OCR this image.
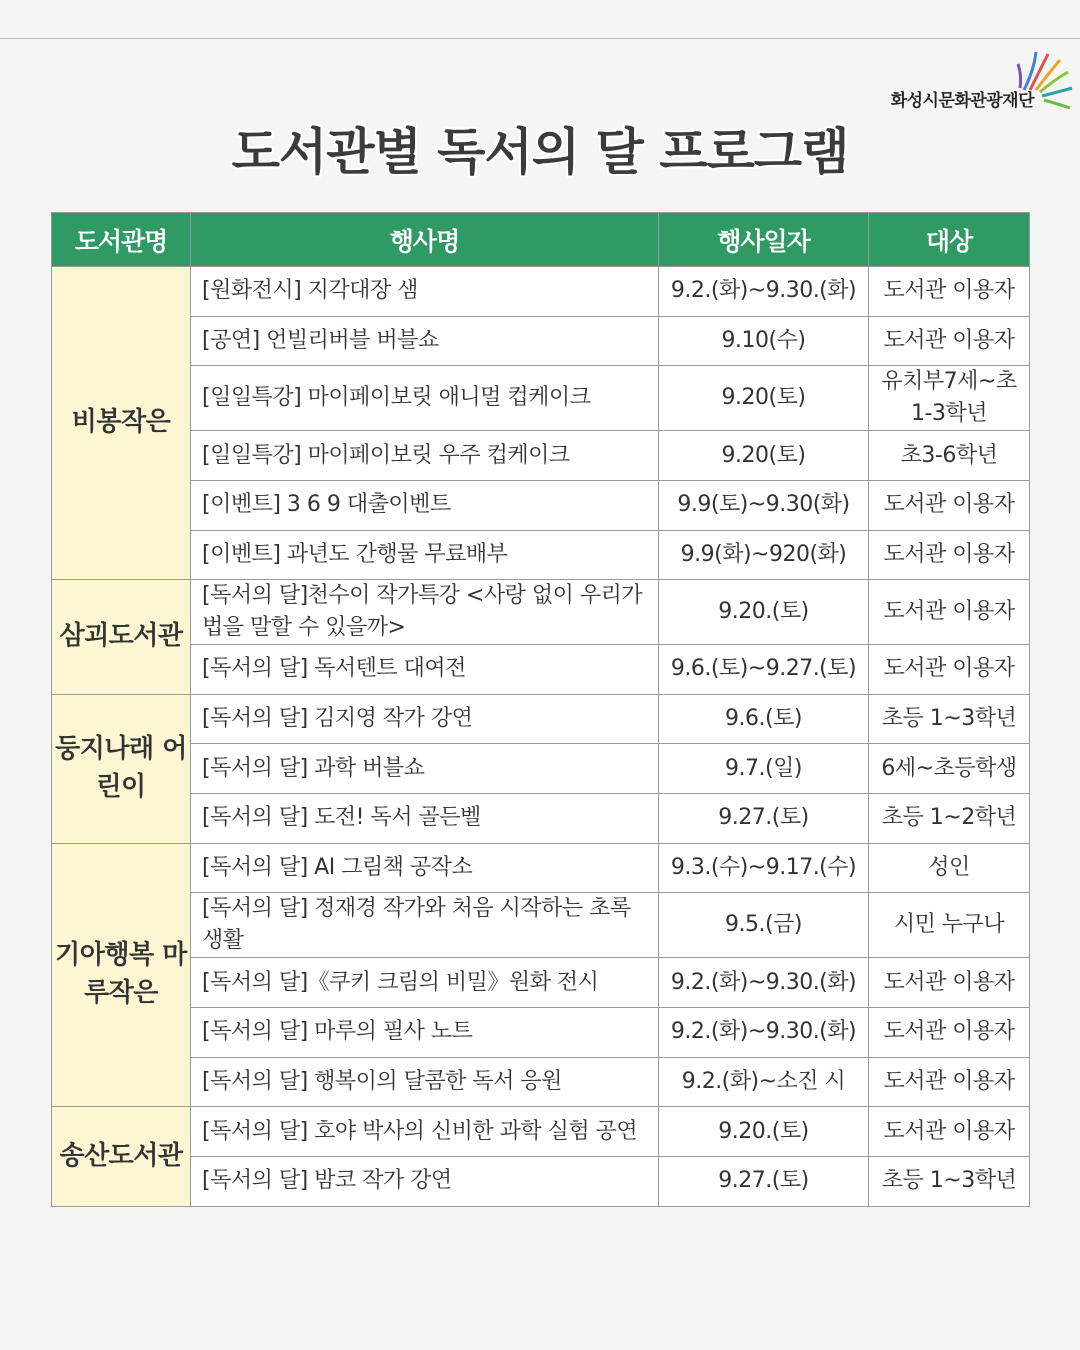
화성시문화관광재단
도서관별 독서의 달 프로그램
도서관명	행사명	행사일자	대상
비봉작은	[원화전시] 지각대장 샘	9.2.(화)~9.30.(화)	도서관 이용자
	[공연] 언빌리버블 버블쇼	9.10(수)	도서관 이용자
	[일일특강] 마이페이보릿 애니멀 컵케이크	9.20(토)	유치부7세~초 1-3학년
	[일일특강] 마이페이보릿 우주 컵케이크	9.20(토)	초3-6학년
	[이벤트] 3 6 9 대출이벤트	9.9(토)~9.30(화)	도서관 이용자
	[이벤트] 과년도 간행물 무료배부	9.9(화)~920(화)	도서관 이용자
삼괴도서관	[독서의 달]천수이 작가특강 <사랑 없이 우리가 법을 말할 수 있을까>	9.20.(토)	도서관 이용자
	[독서의 달] 독서텐트 대여전	9.6.(토)~9.27.(토)	도서관 이용자
둥지나래 어린이	[독서의 달] 김지영 작가 강연	9.6.(토)	초등 1~3학년
	[독서의 달] 과학 버블쇼	9.7.(일)	6세~초등학생
	[독서의 달] 도전! 독서 골든벨	9.27.(토)	초등 1~2학년
기아행복 마루작은	[독서의 달] AI 그림책 공작소	9.3.(수)~9.17.(수)	성인
	[독서의 달] 정재경 작가와 처음 시작하는 초록생활	9.5.(금)	시민 누구나
	[독서의 달]《쿠키 크림의 비밀》원화 전시	9.2.(화)~9.30.(화)	도서관 이용자
	[독서의 달] 마루의 필사 노트	9.2.(화)~9.30.(화)	도서관 이용자
	[독서의 달] 행복이의 달콤한 독서 응원	9.2.(화)~소진 시	도서관 이용자
송산도서관	[독서의 달] 호야 박사의 신비한 과학 실험 공연	9.20.(토)	도서관 이용자
	[독서의 달] 밤코 작가 강연	9.27.(토)	초등 1~3학년
